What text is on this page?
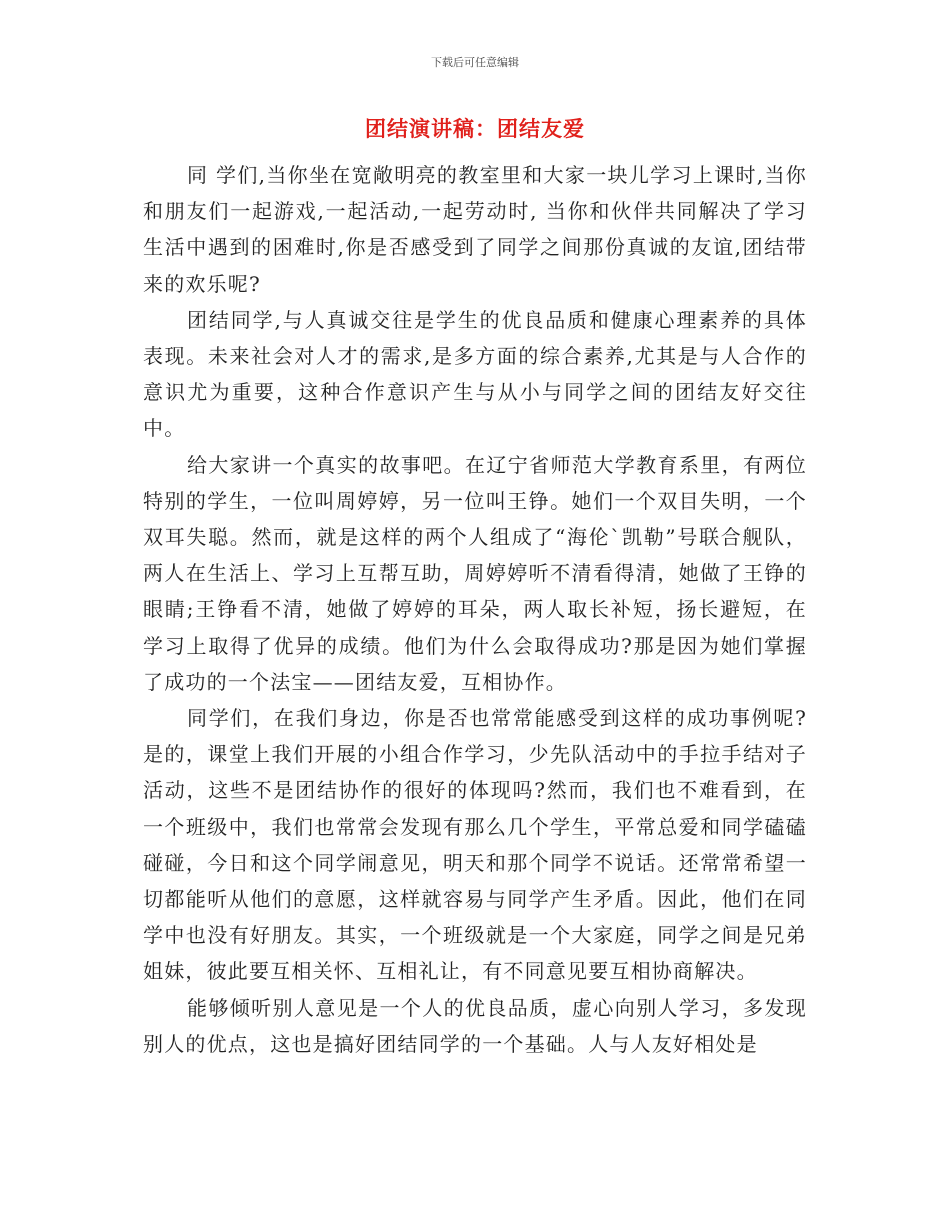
下载后可任意编辑
团结演讲稿：团结友爱

同 学们,当你坐在宽敞明亮的教室里和大家一块儿学习上课时,当你和朋友们一起游戏,一起活动,一起劳动时, 当你和伙伴共同解决了学习生活中遇到的困难时,你是否感受到了同学之间那份真诚的友谊,团结带来的欢乐呢?

团结同学,与人真诚交往是学生的优良品质和健康心理素养的具体表现。未来社会对人才的需求,是多方面的综合素养,尤其是与人合作的意识尤为重要，这种合作意识产生与从小与同学之间的团结友好交往中。

给大家讲一个真实的故事吧。在辽宁省师范大学教育系里，有两位特别的学生，一位叫周婷婷，另一位叫王铮。她们一个双目失明，一个双耳失聪。然而，就是这样的两个人组成了“海伦`凯勒”号联合舰队，两人在生活上、学习上互帮互助，周婷婷听不清看得清，她做了王铮的眼睛;王铮看不清，她做了婷婷的耳朵，两人取长补短，扬长避短，在学习上取得了优异的成绩。他们为什么会取得成功?那是因为她们掌握了成功的一个法宝——团结友爱，互相协作。

同学们，在我们身边，你是否也常常能感受到这样的成功事例呢?是的，课堂上我们开展的小组合作学习，少先队活动中的手拉手结对子活动，这些不是团结协作的很好的体现吗?然而，我们也不难看到，在一个班级中，我们也常常会发现有那么几个学生，平常总爱和同学磕磕碰碰，今日和这个同学闹意见，明天和那个同学不说话。还常常希望一切都能听从他们的意愿，这样就容易与同学产生矛盾。因此，他们在同学中也没有好朋友。其实，一个班级就是一个大家庭，同学之间是兄弟姐妹，彼此要互相关怀、互相礼让，有不同意见要互相协商解决。

能够倾听别人意见是一个人的优良品质，虚心向别人学习，多发现别人的优点，这也是搞好团结同学的一个基础。人与人友好相处是
